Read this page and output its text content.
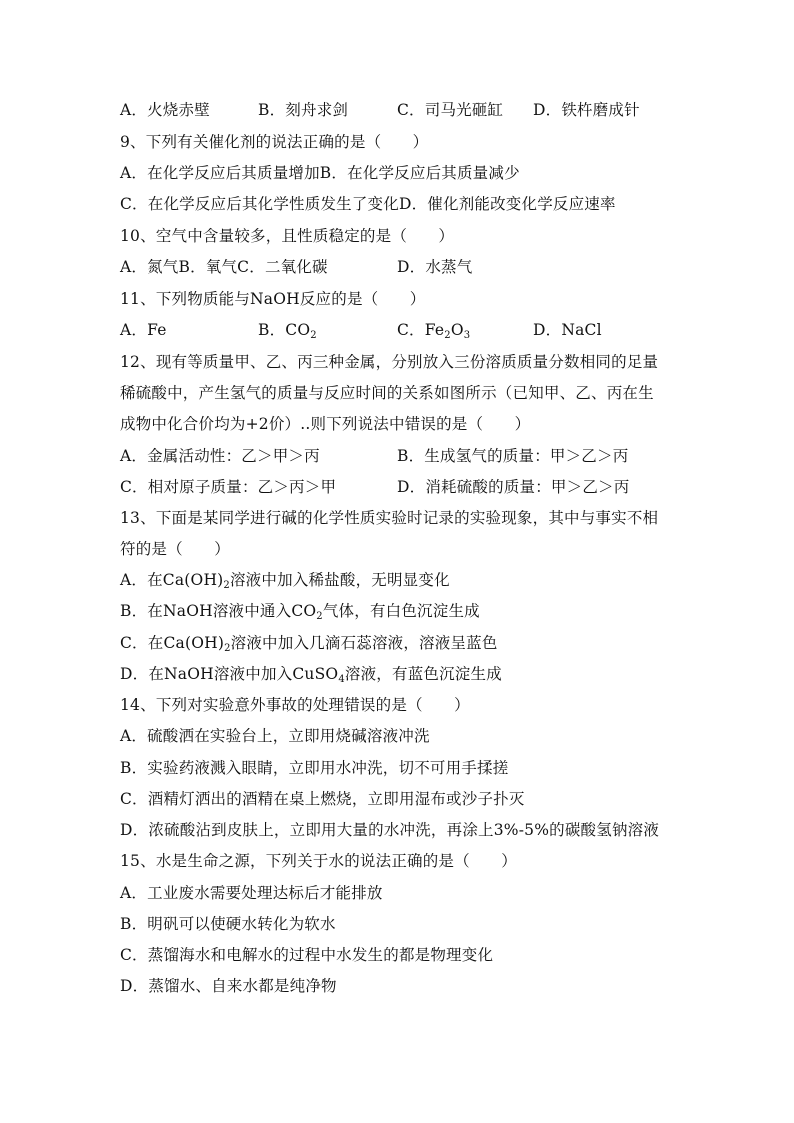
A．火烧赤壁	B．刻舟求剑	C．司马光砸缸 D．铁杵磨成针
9、下列有关催化剂的说法正确的是（　　）
A．在化学反应后其质量增加B．在化学反应后其质量减少
C．在化学反应后其化学性质发生了变化D．催化剂能改变化学反应速率
10、空气中含量较多，且性质稳定的是（　　）
A．氮气B．氧气C．二氧化碳	D．水蒸气
11、下列物质能与NaOH反应的是（　　）
A．Fe	B．$CO_2$	C．$Fe_2O_3$	D．NaCl
12、现有等质量甲、乙、丙三种金属，分别放入三份溶质质量分数相同的足量
稀硫酸中，产生氢气的质量与反应时间的关系如图所示（已知甲、乙、丙在生
成物中化合价均为+2价）..则下列说法中错误的是（　　）
A．金属活动性：乙＞甲＞丙	B．生成氢气的质量：甲＞乙＞丙
C．相对原子质量：乙＞丙＞甲	D．消耗硫酸的质量：甲＞乙＞丙
13、下面是某同学进行碱的化学性质实验时记录的实验现象，其中与事实不相
符的是（　　）
A．在$Ca(OH)_2$溶液中加入稀盐酸，无明显变化
B．在NaOH溶液中通入$CO_2$气体，有白色沉淀生成
C．在$Ca(OH)_2$溶液中加入几滴石蕊溶液，溶液呈蓝色
D．在NaOH溶液中加入CuSO$_4$溶液，有蓝色沉淀生成
14、下列对实验意外事故的处理错误的是（　　）
A．硫酸洒在实验台上，立即用烧碱溶液冲洗
B．实验药液溅入眼睛，立即用水冲洗，切不可用手揉搓
C．酒精灯洒出的酒精在桌上燃烧，立即用湿布或沙子扑灭
D．浓硫酸沾到皮肤上，立即用大量的水冲洗，再涂上3%-5%的碳酸氢钠溶液
15、水是生命之源，下列关于水的说法正确的是（　　）
A．工业废水需要处理达标后才能排放
B．明矾可以使硬水转化为软水
C．蒸馏海水和电解水的过程中水发生的都是物理变化
D．蒸馏水、自来水都是纯净物
